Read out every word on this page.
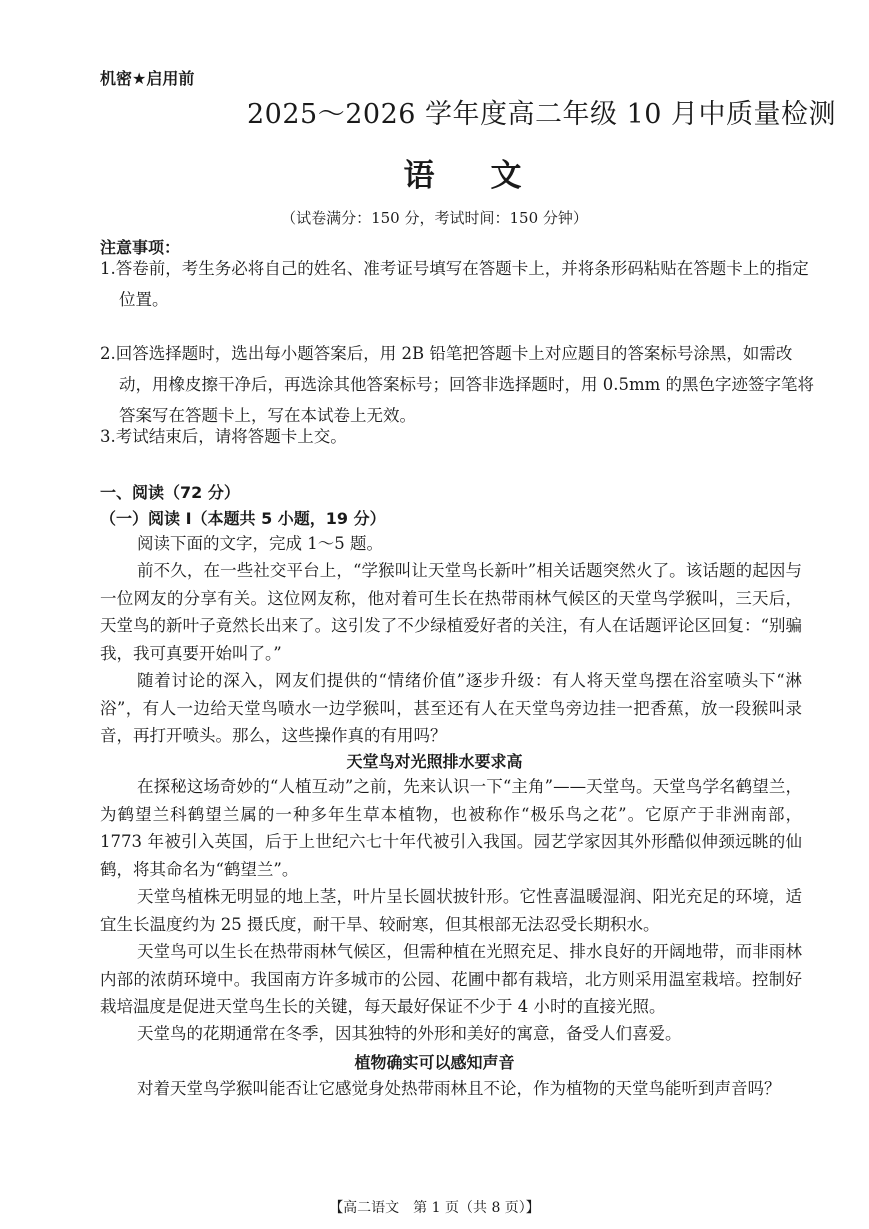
机密★启用前
2025～2026 学年度高二年级 10 月中质量检测
语文
（试卷满分：150 分，考试时间：150 分钟）
注意事项：
1.答卷前，考生务必将自己的姓名、准考证号填写在答题卡上，并将条形码粘贴在答题卡上的指定位置。
2.回答选择题时，选出每小题答案后，用 2B 铅笔把答题卡上对应题目的答案标号涂黑，如需改动，用橡皮擦干净后，再选涂其他答案标号；回答非选择题时，用 0.5mm 的黑色字迹签字笔将答案写在答题卡上，写在本试卷上无效。
3.考试结束后，请将答题卡上交。
一、阅读（72 分）
（一）阅读 Ⅰ（本题共 5 小题，19 分）
阅读下面的文字，完成 1～5 题。
前不久，在一些社交平台上，“学猴叫让天堂鸟长新叶”相关话题突然火了。该话题的起因与一位网友的分享有关。这位网友称，他对着可生长在热带雨林气候区的天堂鸟学猴叫，三天后，天堂鸟的新叶子竟然长出来了。这引发了不少绿植爱好者的关注，有人在话题评论区回复：“别骗我，我可真要开始叫了。”
随着讨论的深入，网友们提供的“情绪价值”逐步升级：有人将天堂鸟摆在浴室喷头下“淋浴”，有人一边给天堂鸟喷水一边学猴叫，甚至还有人在天堂鸟旁边挂一把香蕉，放一段猴叫录音，再打开喷头。那么，这些操作真的有用吗？
天堂鸟对光照排水要求高
在探秘这场奇妙的“人植互动”之前，先来认识一下“主角”——天堂鸟。天堂鸟学名鹤望兰，为鹤望兰科鹤望兰属的一种多年生草本植物，也被称作“极乐鸟之花”。它原产于非洲南部，1773 年被引入英国，后于上世纪六七十年代被引入我国。园艺学家因其外形酷似伸颈远眺的仙鹤，将其命名为“鹤望兰”。
天堂鸟植株无明显的地上茎，叶片呈长圆状披针形。它性喜温暖湿润、阳光充足的环境，适宜生长温度约为 25 摄氏度，耐干旱、较耐寒，但其根部无法忍受长期积水。
天堂鸟可以生长在热带雨林气候区，但需种植在光照充足、排水良好的开阔地带，而非雨林内部的浓荫环境中。我国南方许多城市的公园、花圃中都有栽培，北方则采用温室栽培。控制好栽培温度是促进天堂鸟生长的关键，每天最好保证不少于 4 小时的直接光照。
天堂鸟的花期通常在冬季，因其独特的外形和美好的寓意，备受人们喜爱。
植物确实可以感知声音
对着天堂鸟学猴叫能否让它感觉身处热带雨林且不论，作为植物的天堂鸟能听到声音吗？
【高二语文　第 1 页（共 8 页）】
